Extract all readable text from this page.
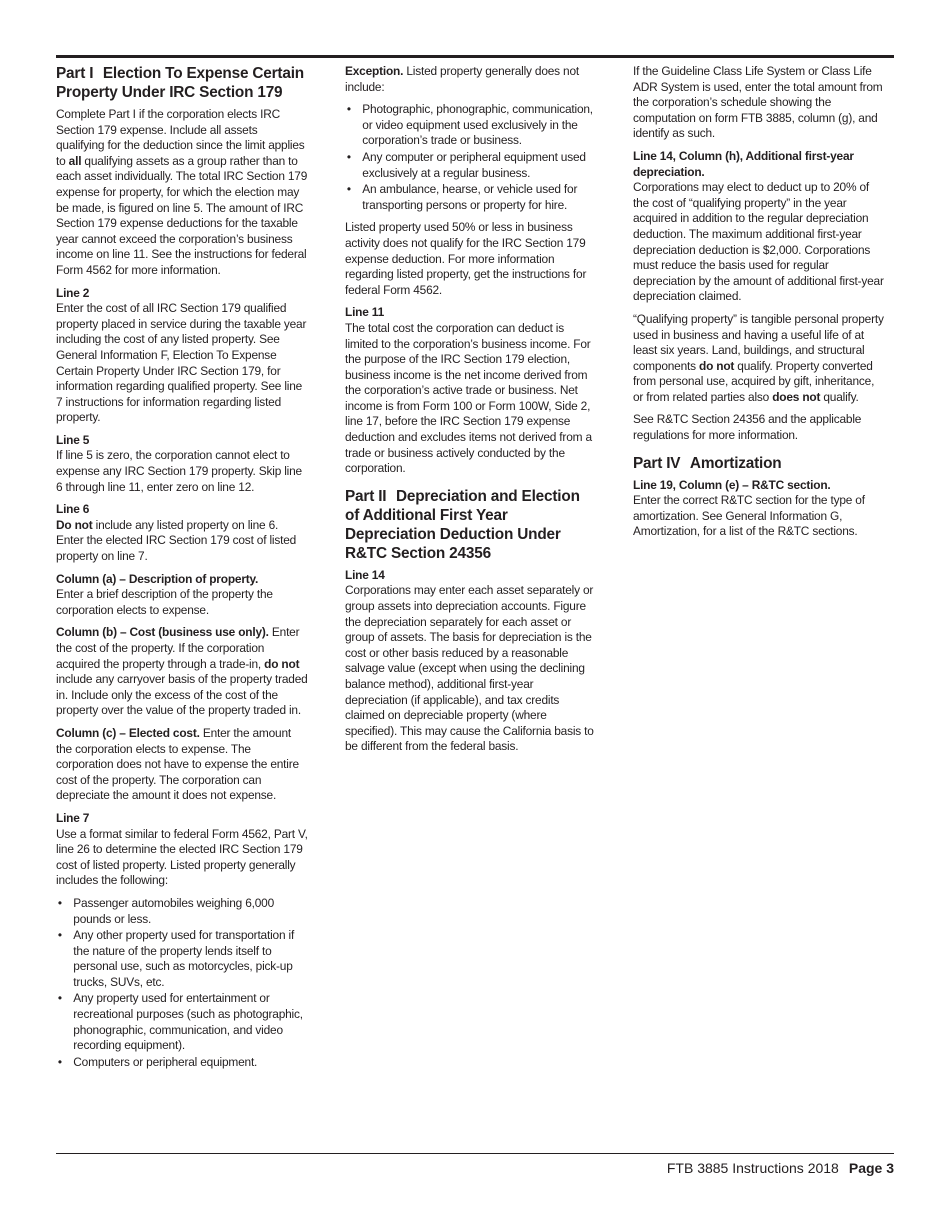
Part I Election To Expense Certain Property Under IRC Section 179

Complete Part I if the corporation elects IRC Section 179 expense. Include all assets qualifying for the deduction since the limit applies to all qualifying assets as a group rather than to each asset individually. The total IRC Section 179 expense for property, for which the election may be made, is figured on line 5. The amount of IRC Section 179 expense deductions for the taxable year cannot exceed the corporation’s business income on line 11. See the instructions for federal Form 4562 for more information.

Line 2

Enter the cost of all IRC Section 179 qualified property placed in service during the taxable year including the cost of any listed property. See General Information F, Election To Expense Certain Property Under IRC Section 179, for information regarding qualified property. See line 7 instructions for information regarding listed property.

Line 5

If line 5 is zero, the corporation cannot elect to expense any IRC Section 179 property. Skip line 6 through line 11, enter zero on line 12.

Line 6

Do not include any listed property on line 6. Enter the elected IRC Section 179 cost of listed property on line 7.

Column (a) – Description of property.

Enter a brief description of the property the corporation elects to expense.

Column (b) – Cost (business use only). Enter the cost of the property. If the corporation acquired the property through a trade-in, do not include any carryover basis of the property traded in. Include only the excess of the cost of the property over the value of the property traded in.

Column (c) – Elected cost. Enter the amount the corporation elects to expense. The corporation does not have to expense the entire cost of the property. The corporation can depreciate the amount it does not expense.

Line 7

Use a format similar to federal Form 4562, Part V, line 26 to determine the elected IRC Section 179 cost of listed property. Listed property generally includes the following:

• Passenger automobiles weighing 6,000 pounds or less.
• Any other property used for transportation if the nature of the property lends itself to personal use, such as motorcycles, pick-up trucks, SUVs, etc.
• Any property used for entertainment or recreational purposes (such as photographic, phonographic, communication, and video recording equipment).
• Computers or peripheral equipment.

Exception. Listed property generally does not include:

• Photographic, phonographic, communication, or video equipment used exclusively in the corporation’s trade or business.
• Any computer or peripheral equipment used exclusively at a regular business.
• An ambulance, hearse, or vehicle used for transporting persons or property for hire.

Listed property used 50% or less in business activity does not qualify for the IRC Section 179 expense deduction. For more information regarding listed property, get the instructions for federal Form 4562.

Line 11

The total cost the corporation can deduct is limited to the corporation’s business income. For the purpose of the IRC Section 179 election, business income is the net income derived from the corporation’s active trade or business. Net income is from Form 100 or Form 100W, Side 2, line 17, before the IRC Section 179 expense deduction and excludes items not derived from a trade or business actively conducted by the corporation.

Part II Depreciation and Election of Additional First Year Depreciation Deduction Under R&TC Section 24356
Line 14

Corporations may enter each asset separately or group assets into depreciation accounts. Figure the depreciation separately for each asset or group of assets. The basis for depreciation is the cost or other basis reduced by a reasonable salvage value (except when using the declining balance method), additional first-year depreciation (if applicable), and tax credits claimed on depreciable property (where specified). This may cause the California basis to be different from the federal basis.

If the Guideline Class Life System or Class Life ADR System is used, enter the total amount from the corporation’s schedule showing the computation on form FTB 3885, column (g), and identify as such.

Line 14, Column (h), Additional first-year depreciation.

Corporations may elect to deduct up to 20% of the cost of “qualifying property” in the year acquired in addition to the regular depreciation deduction. The maximum additional first-year depreciation deduction is $2,000. Corporations must reduce the basis used for regular depreciation by the amount of additional first-year depreciation claimed.

“Qualifying property” is tangible personal property used in business and having a useful life of at least six years. Land, buildings, and structural components do not qualify. Property converted from personal use, acquired by gift, inheritance, or from related parties also does not qualify.

See R&TC Section 24356 and the applicable regulations for more information.

Part IV Amortization
Line 19, Column (e) – R&TC section.

Enter the correct R&TC section for the type of amortization. See General Information G, Amortization, for a list of the R&TC sections.

FTB 3885 Instructions 2018 Page 3
